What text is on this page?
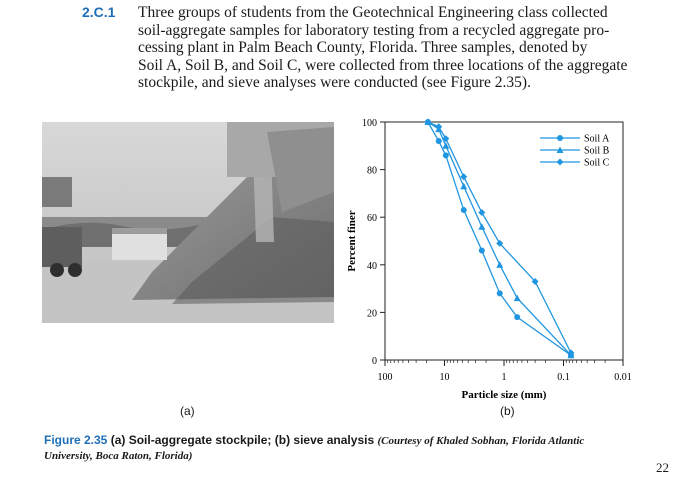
2.C.1 Three groups of students from the Geotechnical Engineering class collected
soil-aggregate samples for laboratory testing from a recycled aggregate pro-
cessing plant in Palm Beach County, Florida. Three samples, denoted by
Soil A, Soil B, and Soil C, were collected from three locations of the aggregate
stockpile, and sieve analyses were conducted (see Figure 2.35).
0
20
40
60
80
100
100	10	1	0.1	0.01
Particle size (mm)
Percent finer
Soil A
Soil B
Soil C
(a)	(b)
Figure 2.35 (a) Soil-aggregate stockpile; (b) sieve analysis (Courtesy of Khaled Sobhan, Florida Atlantic
University, Boca Raton, Florida)
22
